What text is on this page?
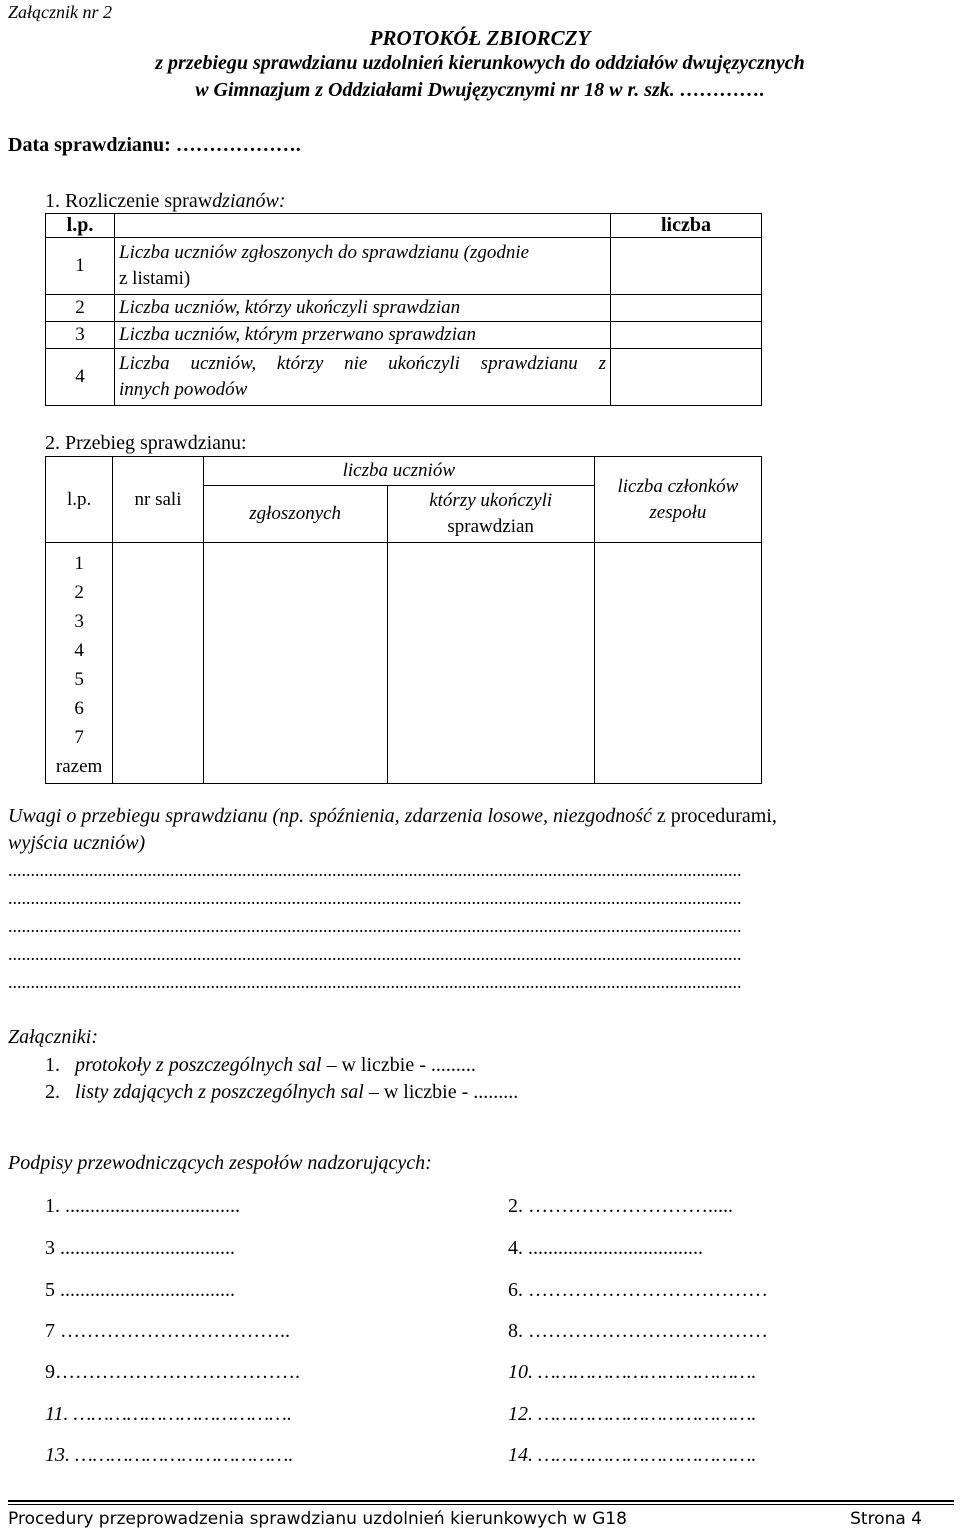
Załącznik nr 2
PROTOKÓŁ ZBIORCZY
z przebiegu sprawdzianu uzdolnień kierunkowych do oddziałów dwujęzycznych
w Gimnazjum z Oddziałami Dwujęzycznymi nr 18 w r. szk. ………….
Data sprawdzianu: ……………….
1. Rozliczenie sprawdzianów:
l.p.		liczba
1	Liczba uczniów zgłoszonych do sprawdzianu (zgodnie
z listami)	

2	Liczba uczniów, którzy ukończyli sprawdzian	
3	Liczba uczniów, którym przerwano sprawdzian	
4	Liczba uczniów, którzy nie ukończyli sprawdzianu z
innych powodów	

2. Przebieg sprawdzianu:
l.p.	nr sali	liczba uczniów		liczba członków
zespołu

		zgłoszonych	którzy ukończyli
sprawdzian	

1				
2				
3				
4				
5				
6				
7				
razem				
Uwagi o przebiegu sprawdzianu (np. spóźnienia, zdarzenia losowe, niezgodność z procedurami,
wyjścia uczniów)
...................................................................................................................................................................
...................................................................................................................................................................
...................................................................................................................................................................
...................................................................................................................................................................
...................................................................................................................................................................
Załączniki:
1. protokoły z poszczególnych sal – w liczbie - .........
2. listy zdających z poszczególnych sal – w liczbie - .........
Podpisy przewodniczących zespołów nadzorujących:
1. ...................................
3 ...................................
5 ...................................
7 ……………………………..
9……………………………….
11. ……………………………….
13. ……………………………….
2. ……………………….....
4. ...................................
6. ………………………………
8. ………………………………
10. ……………………………….
12. ……………………………….
14. ……………………………….
Procedury przeprowadzenia sprawdzianu uzdolnień kierunkowych w G18	Strona 4
